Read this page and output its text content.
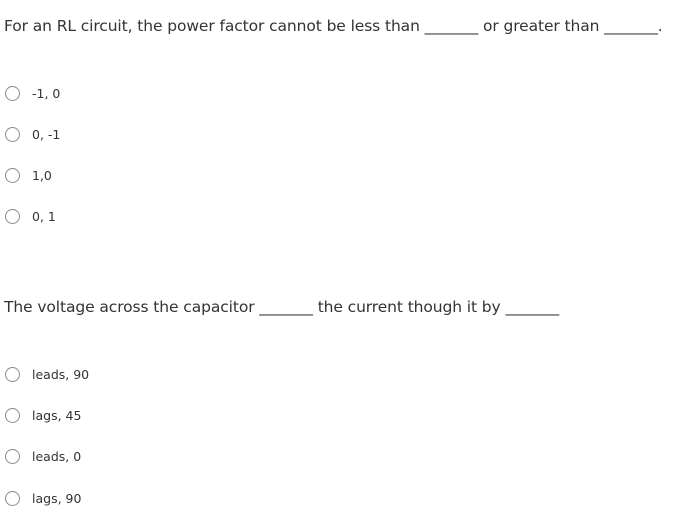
For an RL circuit, the power factor cannot be less than _______ or greater than _______.
-1, 0
0, -1
1,0
0, 1
The voltage across the capacitor _______ the current though it by _______
leads, 90
lags, 45
leads, 0
lags, 90
